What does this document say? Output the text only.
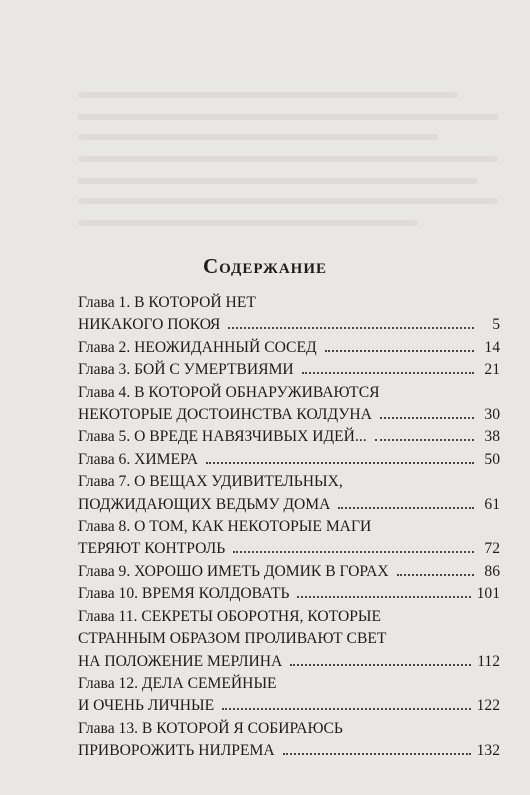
Содержание
Глава 1. В КОТОРОЙ НЕТ
НИКАКОГО ПОКОЯ	5
Глава 2. НЕОЖИДАННЫЙ СОСЕД	14
Глава 3. БОЙ С УМЕРТВИЯМИ	21
Глава 4. В КОТОРОЙ ОБНАРУЖИВАЮТСЯ
НЕКОТОРЫЕ ДОСТОИНСТВА КОЛДУНА	30
Глава 5. О ВРЕДЕ НАВЯЗЧИВЫХ ИДЕЙ...	38
Глава 6. ХИМЕРА	50
Глава 7. О ВЕЩАХ УДИВИТЕЛЬНЫХ,
ПОДЖИДАЮЩИХ ВЕДЬМУ ДОМА	61
Глава 8. О ТОМ, КАК НЕКОТОРЫЕ МАГИ
ТЕРЯЮТ КОНТРОЛЬ	72
Глава 9. ХОРОШО ИМЕТЬ ДОМИК В ГОРАХ	86
Глава 10. ВРЕМЯ КОЛДОВАТЬ	101
Глава 11. СЕКРЕТЫ ОБОРОТНЯ, КОТОРЫЕ
СТРАННЫМ ОБРАЗОМ ПРОЛИВАЮТ СВЕТ
НА ПОЛОЖЕНИЕ МЕРЛИНА	112
Глава 12. ДЕЛА СЕМЕЙНЫЕ
И ОЧЕНЬ ЛИЧНЫЕ	122
Глава 13. В КОТОРОЙ Я СОБИРАЮСЬ
ПРИВОРОЖИТЬ НИЛРЕМА	132
